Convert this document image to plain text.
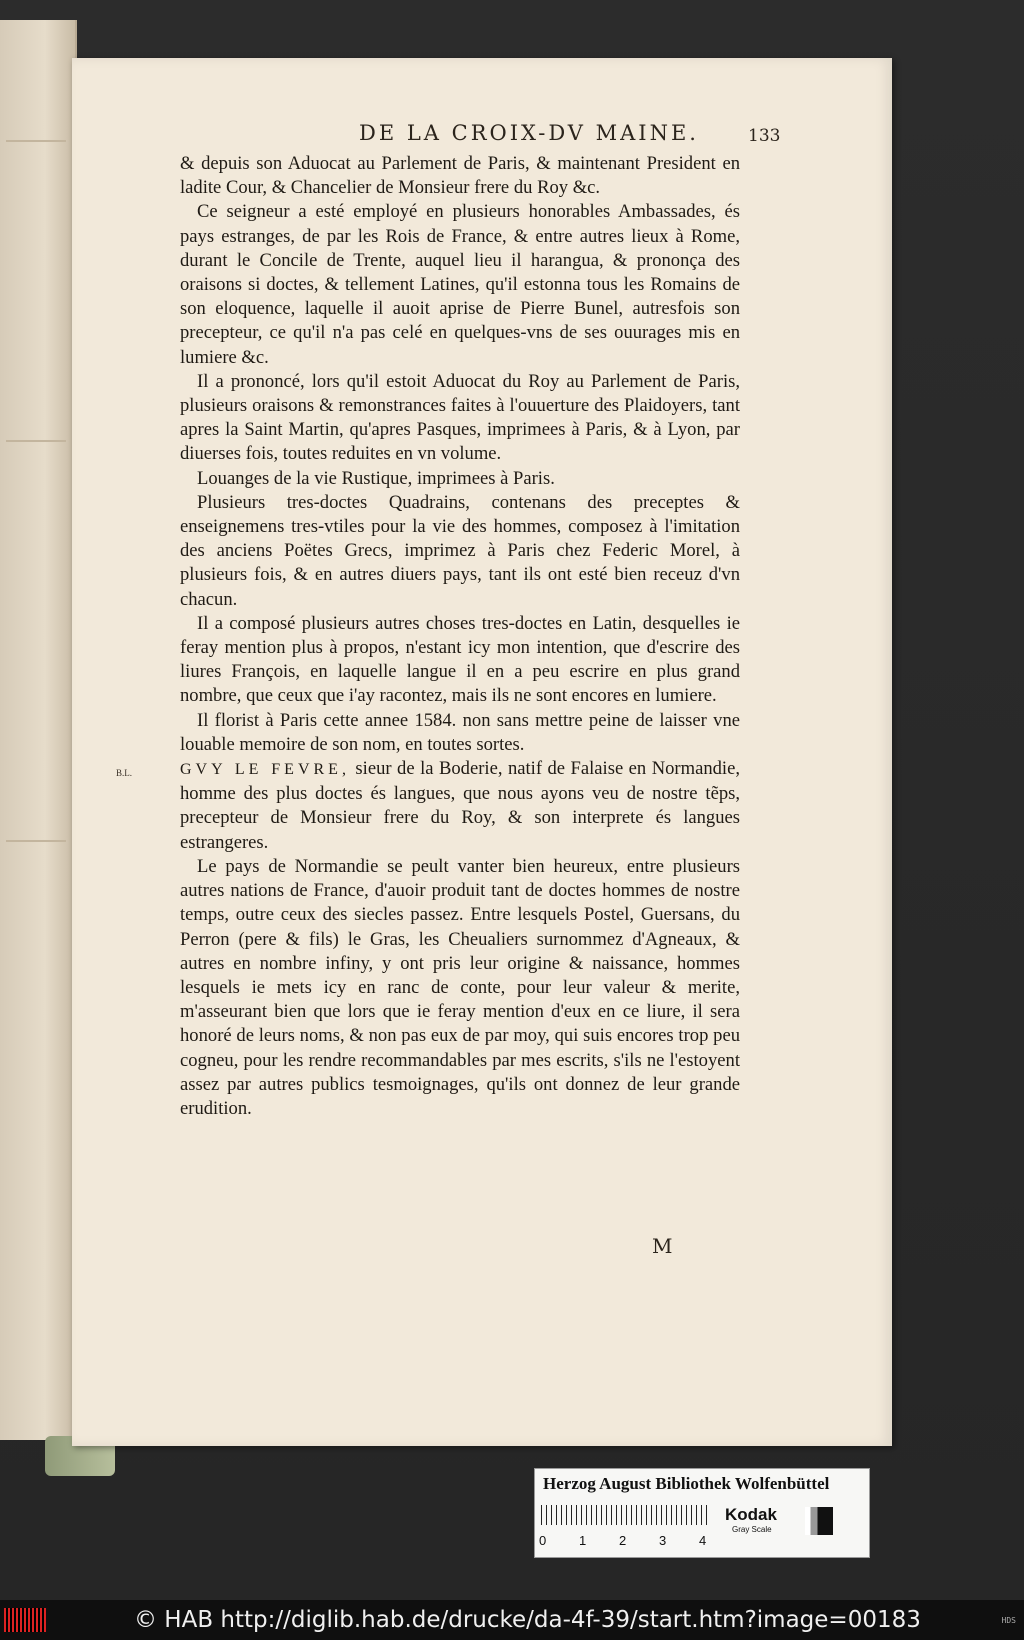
DE LA CROIX-DV MAINE.	133

& depuis son Aduocat au Parlement de Paris, & maintenant President en ladite Cour, & Chancelier de Monsieur frere du Roy &c.

Ce seigneur a esté employé en plusieurs honorables Ambassades, és pays estranges, de par les Rois de France, & entre autres lieux à Rome, durant le Concile de Trente, auquel lieu il harangua, & prononça des oraisons si doctes, & tellement Latines, qu'il estonna tous les Romains de son eloquence, laquelle il auoit aprise de Pierre Bunel, autresfois son precepteur, ce qu'il n'a pas celé en quelques-vns de ses ouurages mis en lumiere &c.

Il a prononcé, lors qu'il estoit Aduocat du Roy au Parlement de Paris, plusieurs oraisons & remonstrances faites à l'ouuerture des Plaidoyers, tant apres la Saint Martin, qu'apres Pasques, imprimees à Paris, & à Lyon, par diuerses fois, toutes reduites en vn volume.

Louanges de la vie Rustique, imprimees à Paris.

Plusieurs tres-doctes Quadrains, contenans des preceptes & enseignemens tres-vtiles pour la vie des hommes, composez à l'imitation des anciens Poëtes Grecs, imprimez à Paris chez Federic Morel, à plusieurs fois, & en autres diuers pays, tant ils ont esté bien receuz d'vn chacun.

Il a composé plusieurs autres choses tres-doctes en Latin, desquelles ie feray mention plus à propos, n'estant icy mon intention, que d'escrire des liures François, en laquelle langue il en a peu escrire en plus grand nombre, que ceux que i'ay racontez, mais ils ne sont encores en lumiere.

Il florist à Paris cette annee 1584. non sans mettre peine de laisser vne louable memoire de son nom, en toutes sortes.

B.L.	GVY LE FEVRE, sieur de la Boderie, natif de Falaise en Normandie, homme des plus doctes és langues, que nous ayons veu de nostre tẽps, precepteur de Monsieur frere du Roy, & son interprete és langues estrangeres.

Le pays de Normandie se peult vanter bien heureux, entre plusieurs autres nations de France, d'auoir produit tant de doctes hommes de nostre temps, outre ceux des siecles passez. Entre lesquels Postel, Guersans, du Perron (pere & fils) le Gras, les Cheualiers surnommez d'Agneaux, & autres en nombre infiny, y ont pris leur origine & naissance, hommes lesquels ie mets icy en ranc de conte, pour leur valeur & merite, m'asseurant bien que lors que ie feray mention d'eux en ce liure, il sera honoré de leurs noms, & non pas eux de par moy, qui suis encores trop peu cogneu, pour les rendre recommandables par mes escrits, s'ils ne l'estoyent assez par autres publics tesmoignages, qu'ils ont donnez de leur grande erudition.

M
Herzog August Bibliothek Wolfenbüttel
0	1	2	3	4
Kodak
Gray Scale
© HAB http://diglib.hab.de/drucke/da-4f-39/start.htm?image=00183	HDS
